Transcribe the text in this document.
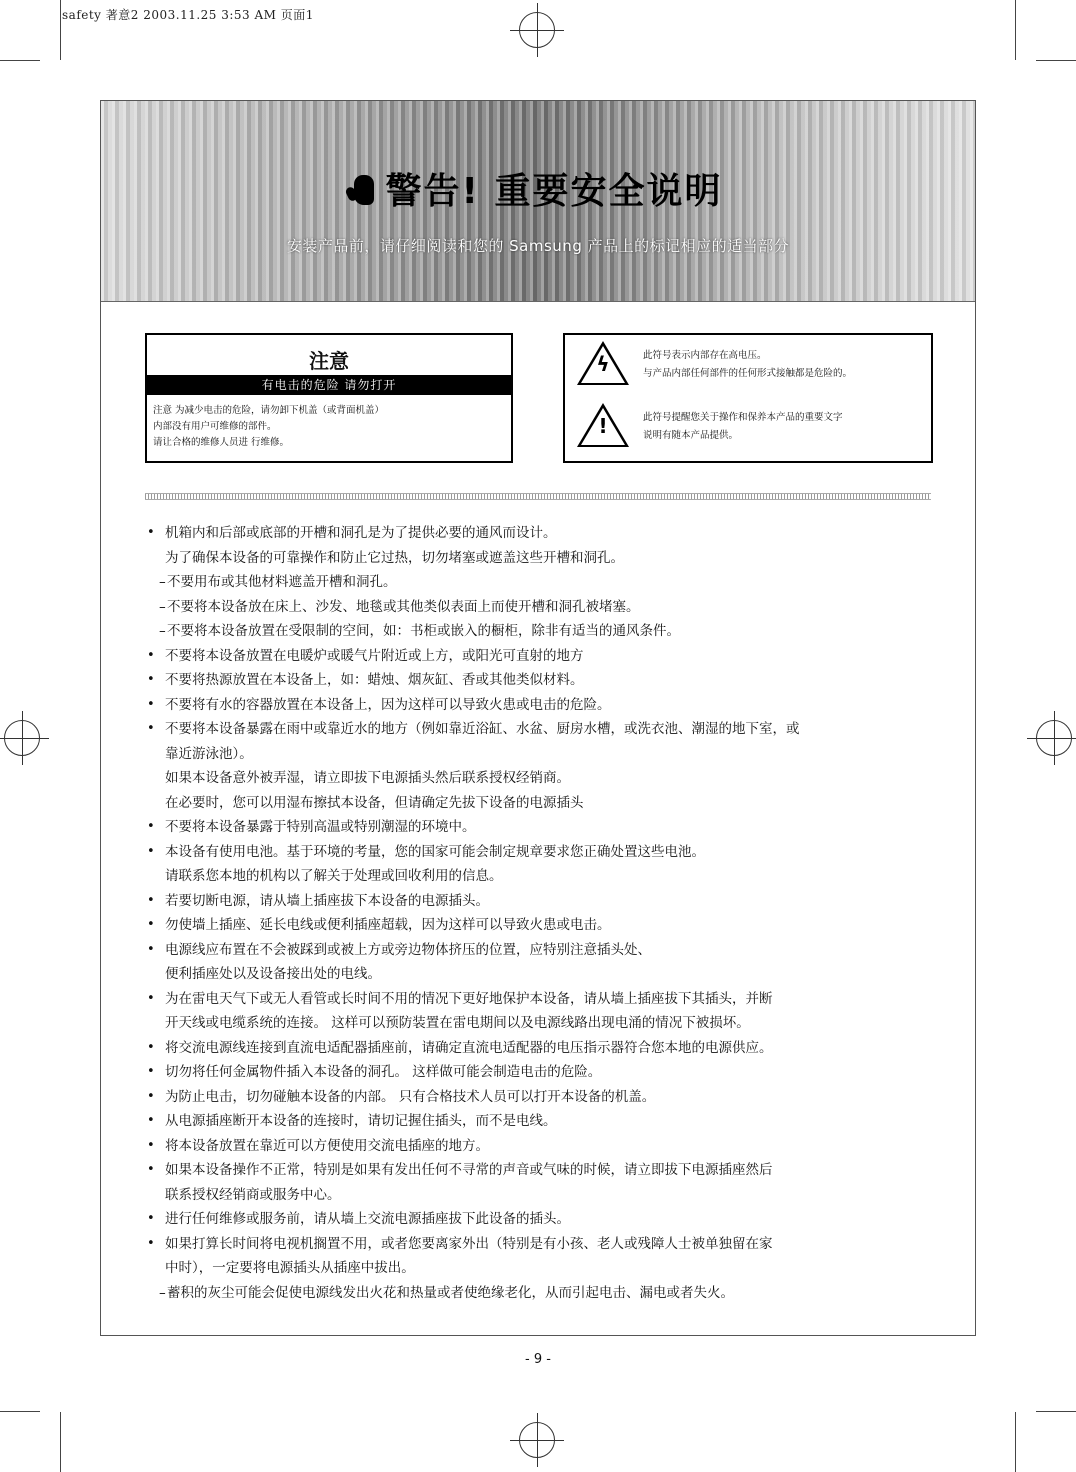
safety 著意2 2003.11.25 3:53 AM 页面1
警告! 重要安全说明
安装产品前，请仔细阅读和您的 Samsung 产品上的标记相应的适当部分
注意
有电击的危险 请勿打开
注意 为减少电击的危险，请勿卸下机盖（或背面机盖）
内部没有用户可维修的部件。
请让合格的维修人员进 行维修。
ϟ	此符号表示内部存在高电压。
与产品内部任何部件的任何形式接触都是危险的。
!	此符号提醒您关于操作和保养本产品的重要文字
说明有随本产品提供。
• 机箱内和后部或底部的开槽和洞孔是为了提供必要的通风而设计。
为了确保本设备的可靠操作和防止它过热，切勿堵塞或遮盖这些开槽和洞孔。
– 不要用布或其他材料遮盖开槽和洞孔。
– 不要将本设备放在床上、沙发、地毯或其他类似表面上而使开槽和洞孔被堵塞。
– 不要将本设备放置在受限制的空间，如：书柜或嵌入的橱柜，除非有适当的通风条件。
• 不要将本设备放置在电暖炉或暖气片附近或上方，或阳光可直射的地方
• 不要将热源放置在本设备上，如：蜡烛、烟灰缸、香或其他类似材料。
• 不要将有水的容器放置在本设备上，因为这样可以导致火患或电击的危险。
• 不要将本设备暴露在雨中或靠近水的地方（例如靠近浴缸、水盆、厨房水槽，或洗衣池、潮湿的地下室，或
靠近游泳池）。
如果本设备意外被弄湿，请立即拔下电源插头然后联系授权经销商。
在必要时，您可以用湿布擦拭本设备，但请确定先拔下设备的电源插头
• 不要将本设备暴露于特别高温或特别潮湿的环境中。
• 本设备有使用电池。基于环境的考量，您的国家可能会制定规章要求您正确处置这些电池。
请联系您本地的机构以了解关于处理或回收利用的信息。
• 若要切断电源，请从墙上插座拔下本设备的电源插头。
• 勿使墙上插座、延长电线或便利插座超载，因为这样可以导致火患或电击。
• 电源线应布置在不会被踩到或被上方或旁边物体挤压的位置，应特别注意插头处、
便利插座处以及设备接出处的电线。
• 为在雷电天气下或无人看管或长时间不用的情况下更好地保护本设备，请从墙上插座拔下其插头，并断
开天线或电缆系统的连接。 这样可以预防装置在雷电期间以及电源线路出现电涌的情况下被损坏。
• 将交流电源线连接到直流电适配器插座前，请确定直流电适配器的电压指示器符合您本地的电源供应。
• 切勿将任何金属物件插入本设备的洞孔。 这样做可能会制造电击的危险。
• 为防止电击，切勿碰触本设备的内部。 只有合格技术人员可以打开本设备的机盖。
• 从电源插座断开本设备的连接时，请切记握住插头，而不是电线。
• 将本设备放置在靠近可以方便使用交流电插座的地方。
• 如果本设备操作不正常，特别是如果有发出任何不寻常的声音或气味的时候，请立即拔下电源插座然后
联系授权经销商或服务中心。
• 进行任何维修或服务前，请从墙上交流电源插座拔下此设备的插头。
• 如果打算长时间将电视机搁置不用，或者您要离家外出（特别是有小孩、老人或残障人士被单独留在家
中时），一定要将电源插头从插座中拔出。
– 蓄积的灰尘可能会促使电源线发出火花和热量或者使绝缘老化，从而引起电击、漏电或者失火。
- 9 -
